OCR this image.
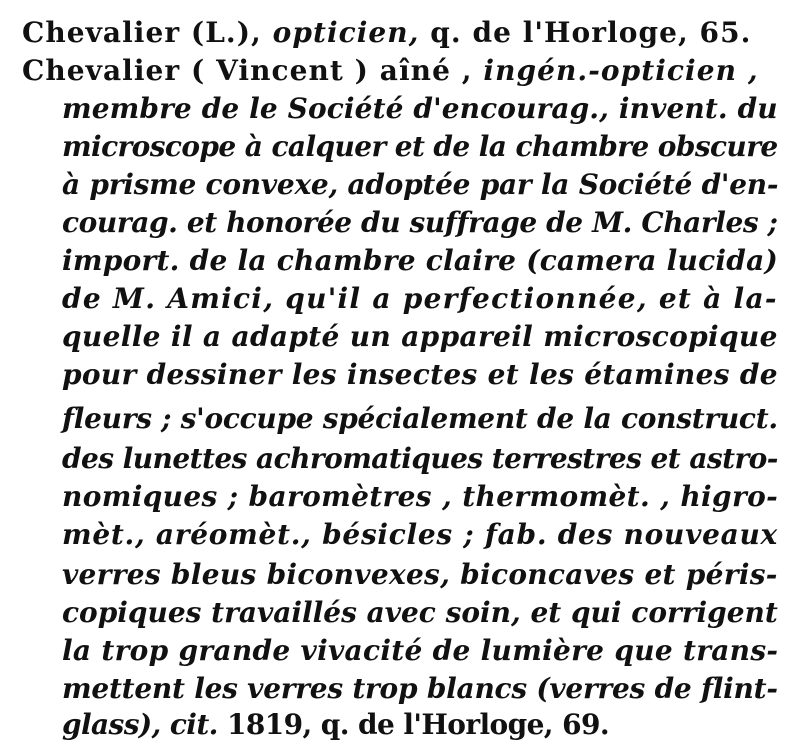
Chevalier (L.), opticien, q. de l'Horloge, 65.
Chevalier ( Vincent ) aîné , ingén.-opticien ,
membre de le Société d'encourag., invent. du
microscope à calquer et de la chambre obscure
à prisme convexe, adoptée par la Société d'en-
courag. et honorée du suffrage de M. Charles ;
import. de la chambre claire (camera lucida)
de M. Amici, qu'il a perfectionnée, et à la-
quelle il a adapté un appareil microscopique
pour dessiner les insectes et les étamines de
fleurs ; s'occupe spécialement de la construct.
des lunettes achromatiques terrestres et astro-
nomiques ; baromètres , thermomèt. , higro-
mèt., aréomèt., bésicles ; fab. des nouveaux
verres bleus biconvexes, biconcaves et péris-
copiques travaillés avec soin, et qui corrigent
la trop grande vivacité de lumière que trans-
mettent les verres trop blancs (verres de flint-
glass), cit. 1819, q. de l'Horloge, 69.
